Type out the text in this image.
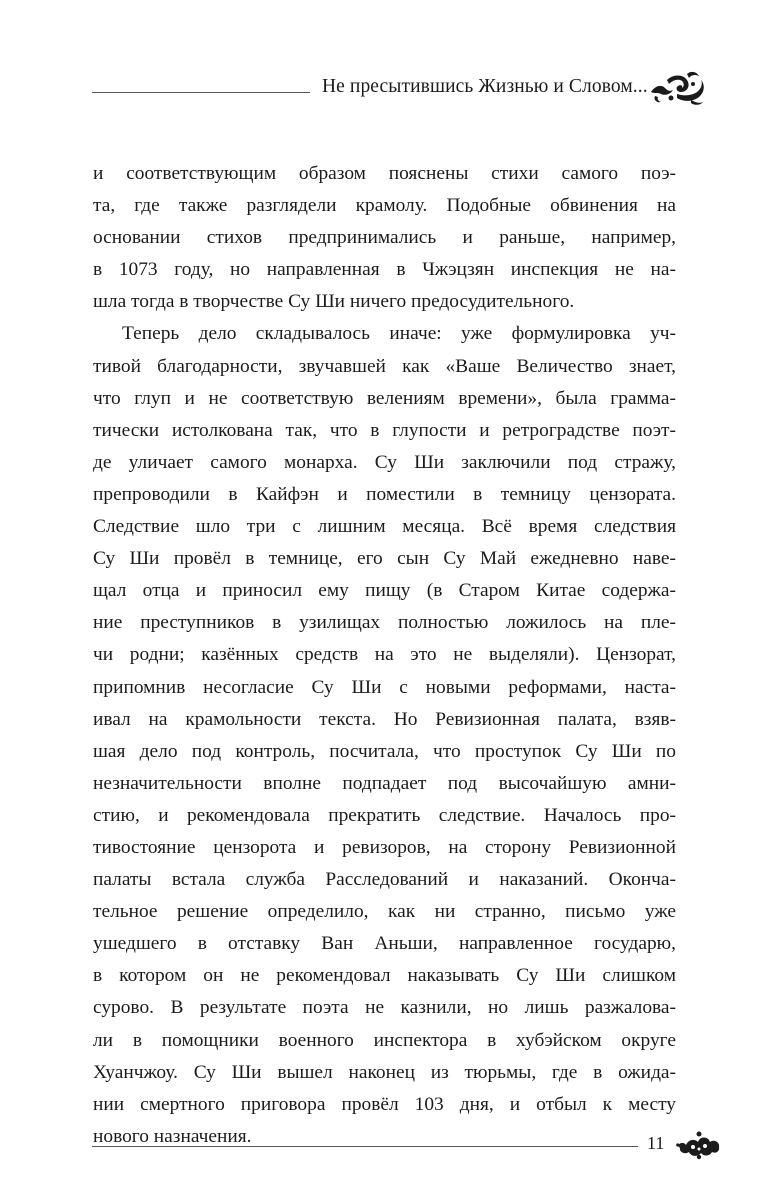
Не пресытившись Жизнью и Словом...
и соответствующим образом пояснены стихи самого поэ-
та, где также разглядели крамолу. Подобные обвинения на
основании стихов предпринимались и раньше, например,
в 1073 году, но направленная в Чжэцзян инспекция не на-
шла тогда в творчестве Су Ши ничего предосудительного.
Теперь дело складывалось иначе: уже формулировка уч-
тивой благодарности, звучавшей как «Ваше Величество знает,
что глуп и не соответствую велениям времени», была грамма-
тически истолкована так, что в глупости и ретроградстве поэт-
де уличает самого монарха. Су Ши заключили под стражу,
препроводили в Кайфэн и поместили в темницу цензората.
Следствие шло три с лишним месяца. Всё время следствия
Су Ши провёл в темнице, его сын Су Май ежедневно наве-
щал отца и приносил ему пищу (в Старом Китае содержа-
ние преступников в узилищах полностью ложилось на пле-
чи родни; казённых средств на это не выделяли). Цензорат,
припомнив несогласие Су Ши с новыми реформами, наста-
ивал на крамольности текста. Но Ревизионная палата, взяв-
шая дело под контроль, посчитала, что проступок Су Ши по
незначительности вполне подпадает под высочайшую амни-
стию, и рекомендовала прекратить следствие. Началось про-
тивостояние цензорота и ревизоров, на сторону Ревизионной
палаты встала служба Расследований и наказаний. Оконча-
тельное решение определило, как ни странно, письмо уже
ушедшего в отставку Ван Аньши, направленное государю,
в котором он не рекомендовал наказывать Су Ши слишком
сурово. В результате поэта не казнили, но лишь разжалова-
ли в помощники военного инспектора в хубэйском округе
Хуанчжоу. Су Ши вышел наконец из тюрьмы, где в ожида-
нии смертного приговора провёл 103 дня, и отбыл к месту
нового назначения.	11
